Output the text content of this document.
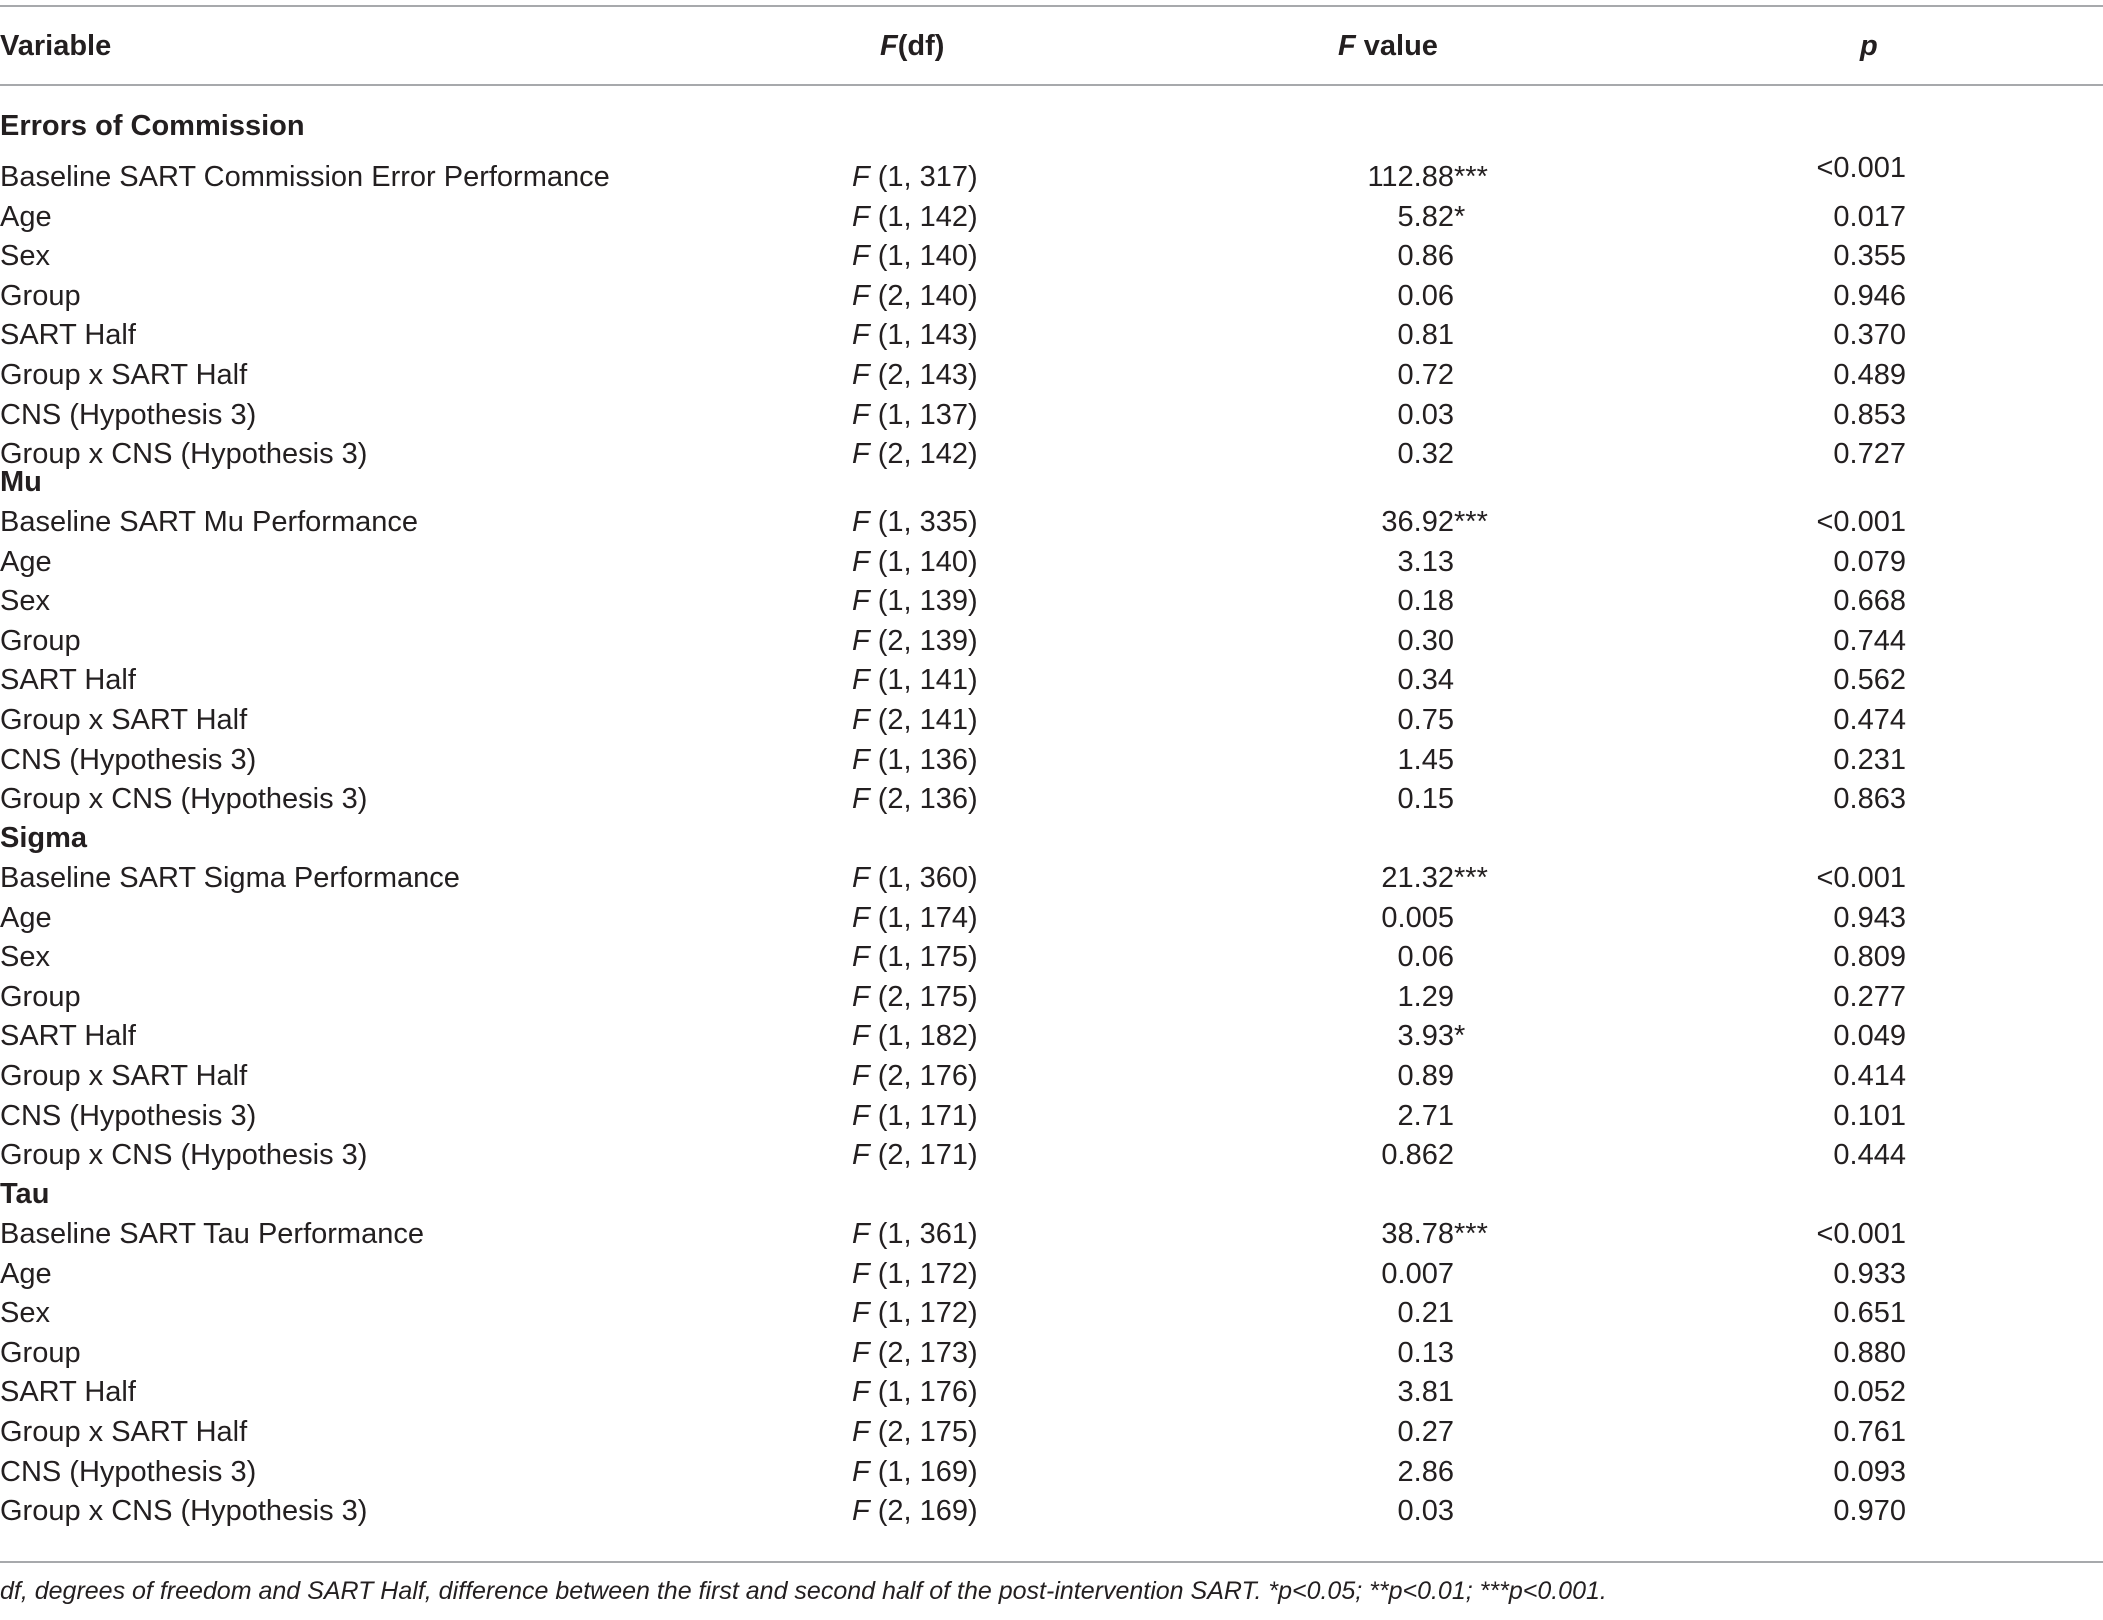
Variable	F(df)	F value	p
Errors of Commission
Baseline SART Commission Error Performance	F (1, 317)	112.88 ***	<0.001
Age	F (1, 142)	5.82 *	0.017
Sex	F (1, 140)	0.86	0.355
Group	F (2, 140)	0.06	0.946
SART Half	F (1, 143)	0.81	0.370
Group x SART Half	F (2, 143)	0.72	0.489
CNS (Hypothesis 3)	F (1, 137)	0.03	0.853
Group x CNS (Hypothesis 3)	F (2, 142)	0.32	0.727
Mu
Baseline SART Mu Performance	F (1, 335)	36.92 ***	<0.001
Age	F (1, 140)	3.13	0.079
Sex	F (1, 139)	0.18	0.668
Group	F (2, 139)	0.30	0.744
SART Half	F (1, 141)	0.34	0.562
Group x SART Half	F (2, 141)	0.75	0.474
CNS (Hypothesis 3)	F (1, 136)	1.45	0.231
Group x CNS (Hypothesis 3)	F (2, 136)	0.15	0.863
Sigma
Baseline SART Sigma Performance	F (1, 360)	21.32 ***	<0.001
Age	F (1, 174)	0.005	0.943
Sex	F (1, 175)	0.06	0.809
Group	F (2, 175)	1.29	0.277
SART Half	F (1, 182)	3.93 *	0.049
Group x SART Half	F (2, 176)	0.89	0.414
CNS (Hypothesis 3)	F (1, 171)	2.71	0.101
Group x CNS (Hypothesis 3)	F (2, 171)	0.862	0.444
Tau
Baseline SART Tau Performance	F (1, 361)	38.78 ***	<0.001
Age	F (1, 172)	0.007	0.933
Sex	F (1, 172)	0.21	0.651
Group	F (2, 173)	0.13	0.880
SART Half	F (1, 176)	3.81	0.052
Group x SART Half	F (2, 175)	0.27	0.761
CNS (Hypothesis 3)	F (1, 169)	2.86	0.093
Group x CNS (Hypothesis 3)	F (2, 169)	0.03	0.970
df, degrees of freedom and SART Half, difference between the first and second half of the post-intervention SART. *p<0.05; **p<0.01; ***p<0.001.
